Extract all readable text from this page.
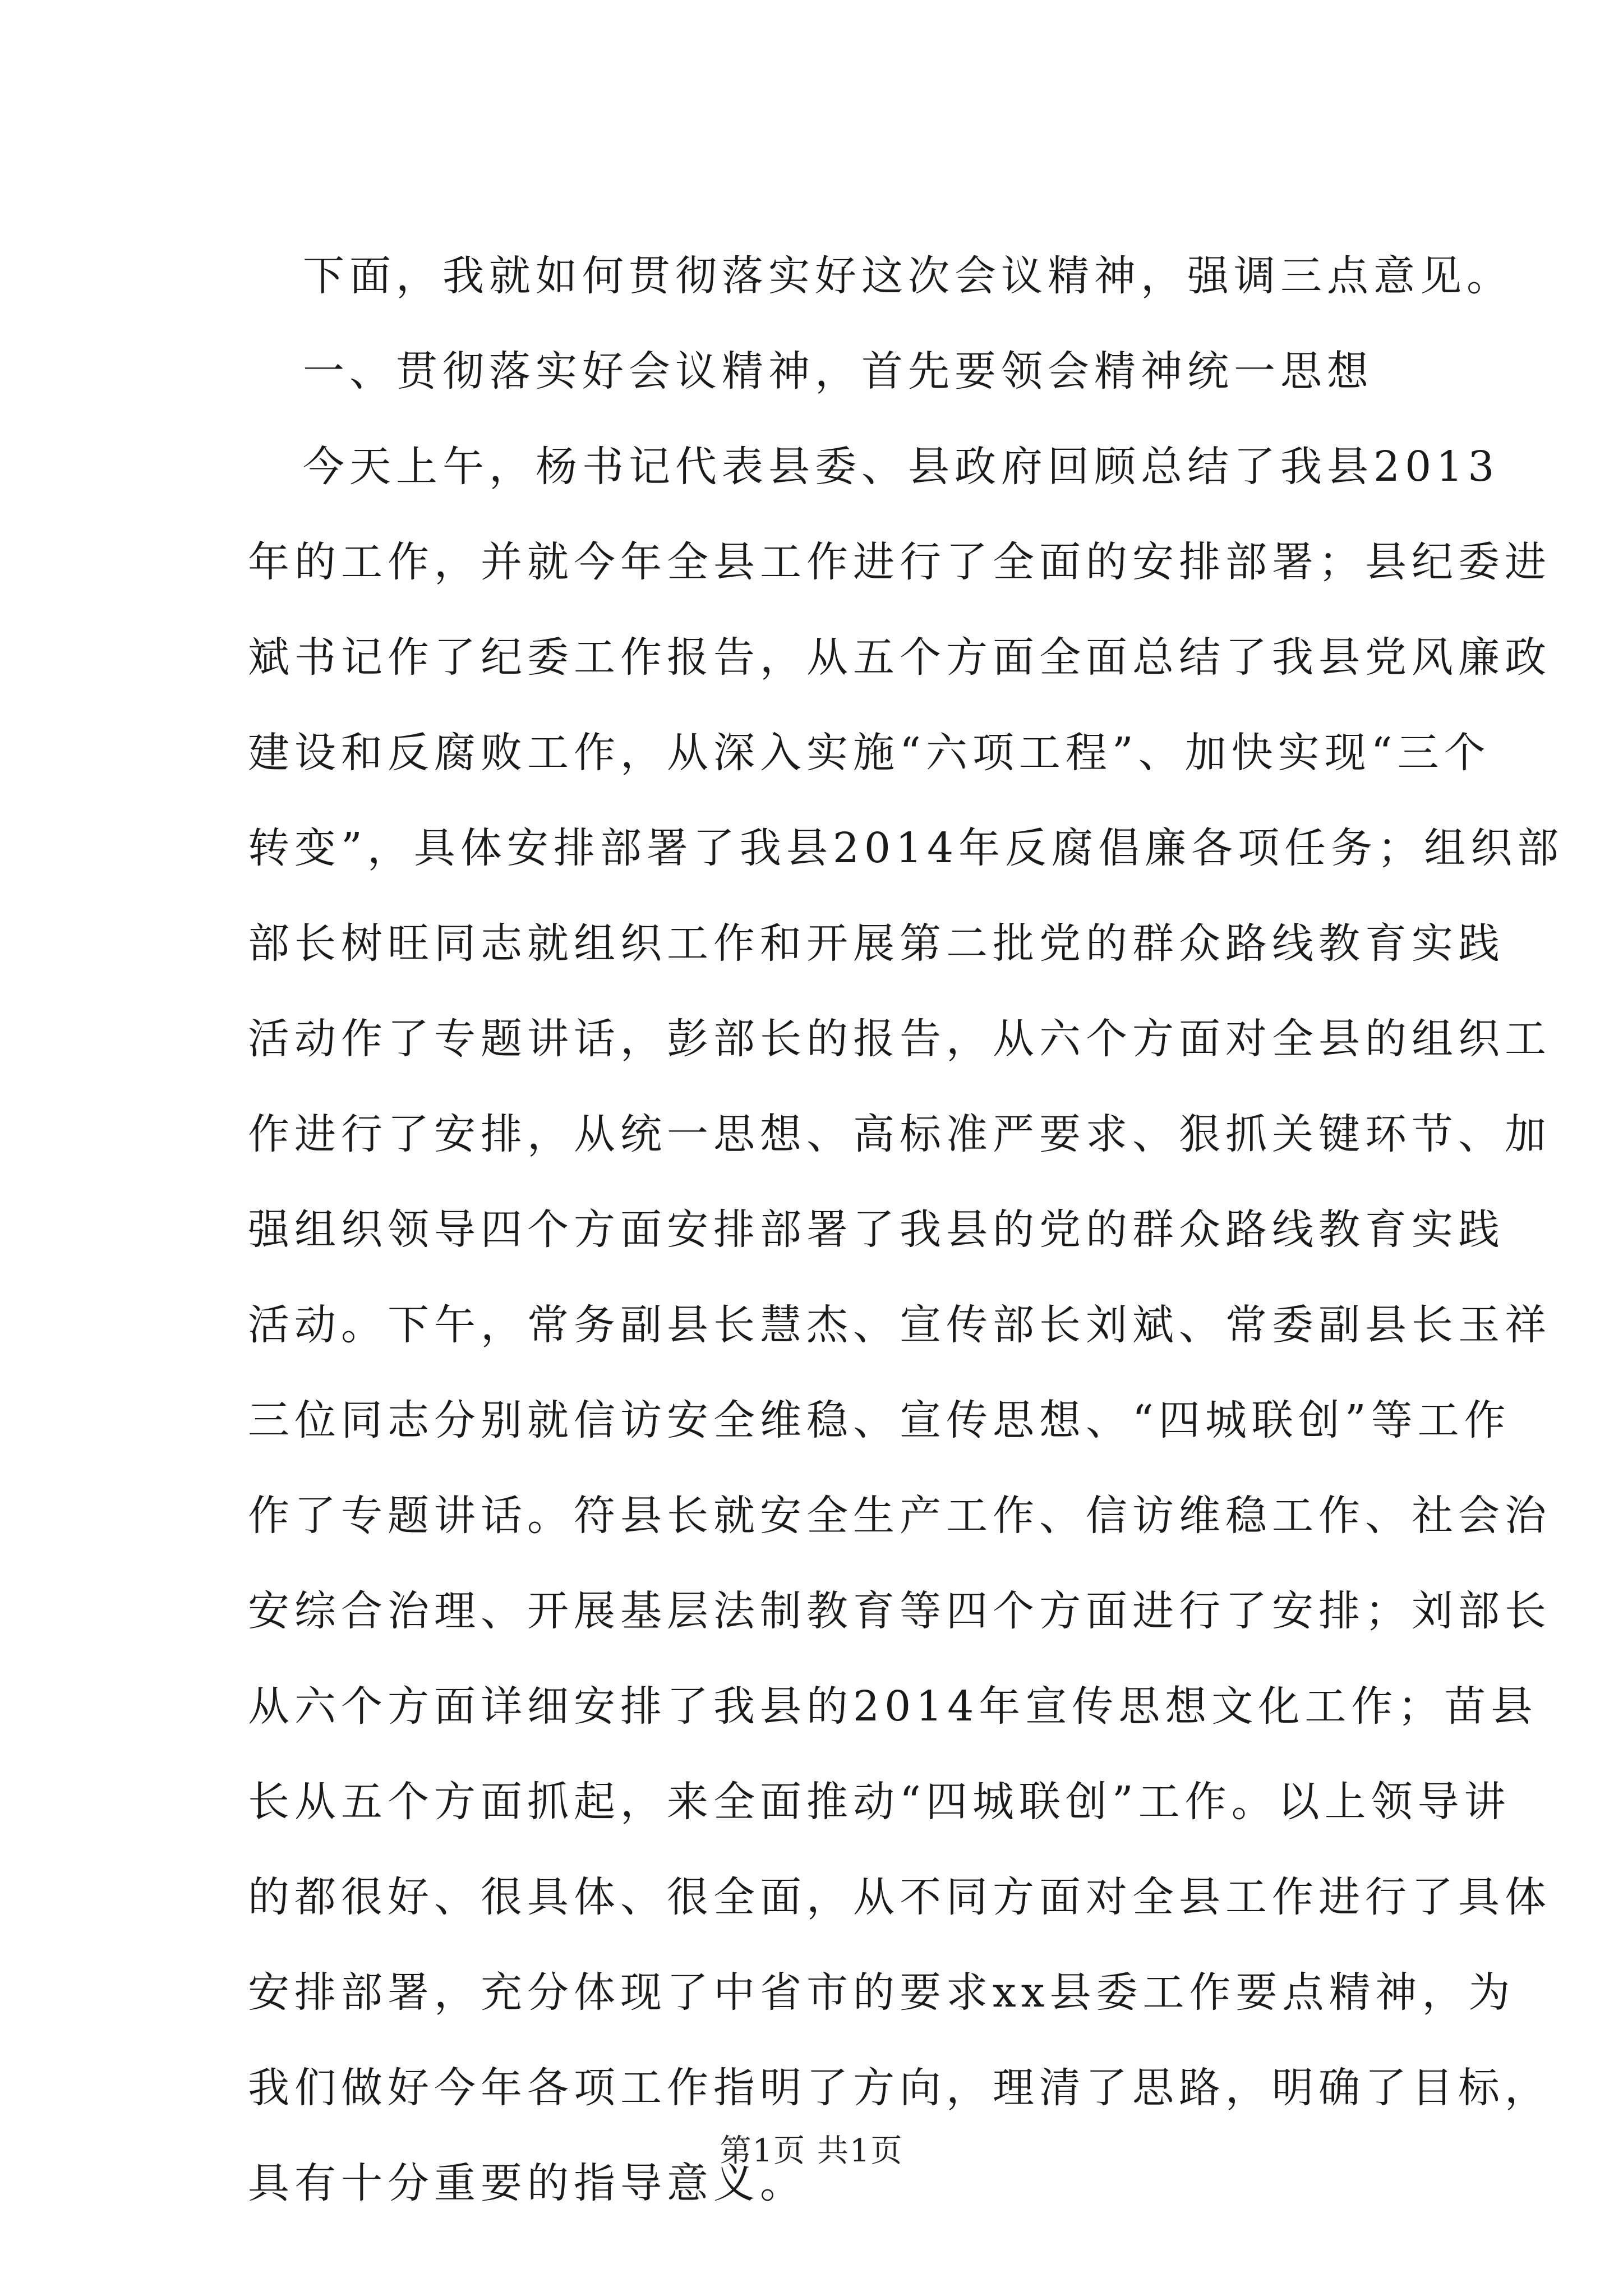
下面，我就如何贯彻落实好这次会议精神，强调三点意见。
一、贯彻落实好会议精神，首先要领会精神统一思想
今天上午，杨书记代表县委、县政府回顾总结了我县2013
年的工作，并就今年全县工作进行了全面的安排部署；县纪委进
斌书记作了纪委工作报告，从五个方面全面总结了我县党风廉政
建设和反腐败工作，从深入实施“六项工程”、加快实现“三个
转变”，具体安排部署了我县2014年反腐倡廉各项任务；组织部
部长树旺同志就组织工作和开展第二批党的群众路线教育实践
活动作了专题讲话，彭部长的报告，从六个方面对全县的组织工
作进行了安排，从统一思想、高标准严要求、狠抓关键环节、加
强组织领导四个方面安排部署了我县的党的群众路线教育实践
活动。下午，常务副县长慧杰、宣传部长刘斌、常委副县长玉祥
三位同志分别就信访安全维稳、宣传思想、“四城联创”等工作
作了专题讲话。符县长就安全生产工作、信访维稳工作、社会治
安综合治理、开展基层法制教育等四个方面进行了安排；刘部长
从六个方面详细安排了我县的2014年宣传思想文化工作；苗县
长从五个方面抓起，来全面推动“四城联创”工作。以上领导讲
的都很好、很具体、很全面，从不同方面对全县工作进行了具体
安排部署，充分体现了中省市的要求xx县委工作要点精神，为
我们做好今年各项工作指明了方向，理清了思路，明确了目标，
具有十分重要的指导意义。
第1页 共1页
